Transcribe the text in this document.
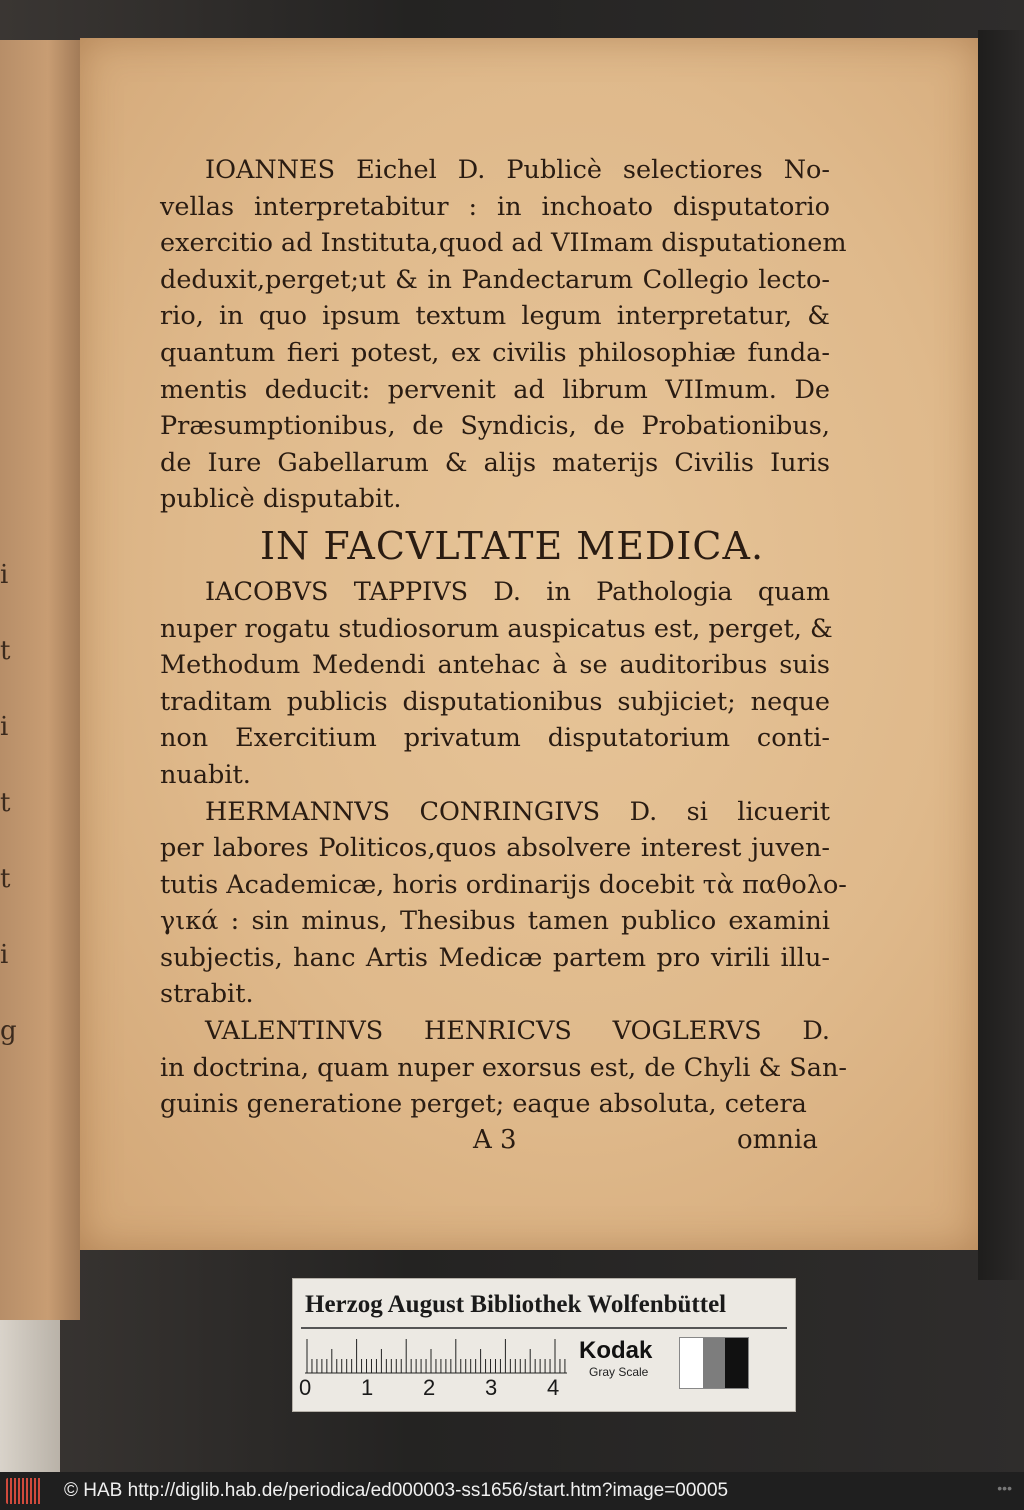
i
t
i
t
t
i
g
IOANNES Eichel D. Publicè selectiores No-
vellas interpretabitur : in inchoato disputatorio
exercitio ad Instituta,quod ad VIImam disputationem
deduxit,perget;ut & in Pandectarum Collegio lecto-
rio, in quo ipsum textum legum interpretatur, &
quantum fieri potest, ex civilis philosophiæ funda-
mentis deducit: pervenit ad librum VIImum. De
Præsumptionibus, de Syndicis, de Probationibus,
de Iure Gabellarum & alijs materijs Civilis Iuris
publicè disputabit.
IN FACVLTATE MEDICA.
IACOBVS TAPPIVS D. in Pathologia quam
nuper rogatu studiosorum auspicatus est, perget, &
Methodum Medendi antehac à se auditoribus suis
traditam publicis disputationibus subjiciet; neque
non Exercitium privatum disputatorium conti-
nuabit.
HERMANNVS CONRINGIVS D. si licuerit
per labores Politicos,quos absolvere interest juven-
tutis Academicæ, horis ordinarijs docebit τὰ παθολο-
γικά : sin minus, Thesibus tamen publico examini
subjectis, hanc Artis Medicæ partem pro virili illu-
strabit.
VALENTINVS HENRICVS VOGLERVS D.
in doctrina, quam nuper exorsus est, de Chyli & San-
guinis generatione perget; eaque absoluta, cetera
A 3	omnia
Herzog August Bibliothek Wolfenbüttel
0 1 2 3 4
Kodak
Gray Scale
© HAB http://diglib.hab.de/periodica/ed000003-ss1656/start.htm?image=00005	•••
